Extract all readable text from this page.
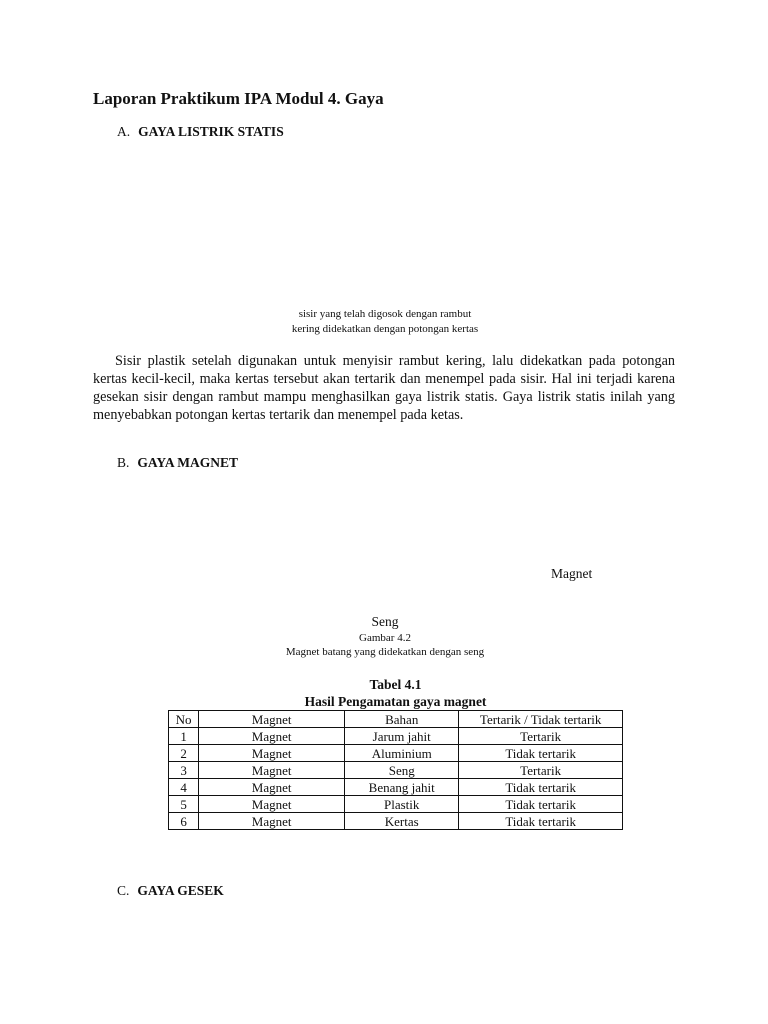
Laporan Praktikum IPA Modul 4. Gaya
A. GAYA LISTRIK STATIS
sisir yang telah digosok dengan rambut
kering didekatkan dengan potongan kertas

Sisir plastik setelah digunakan untuk menyisir rambut kering, lalu didekatkan pada potongan kertas kecil-kecil, maka kertas tersebut akan tertarik dan menempel pada sisir. Hal ini terjadi karena gesekan sisir dengan rambut mampu menghasilkan gaya listrik statis. Gaya listrik statis inilah yang menyebabkan potongan kertas tertarik dan menempel pada ketas.

B. GAYA MAGNET
Magnet
Seng
Gambar 4.2
Magnet batang yang didekatkan dengan seng
Tabel 4.1
Hasil Pengamatan gaya magnet
No	Magnet	Bahan	Tertarik / Tidak tertarik
1	Magnet	Jarum jahit	Tertarik
2	Magnet	Aluminium	Tidak tertarik
3	Magnet	Seng	Tertarik
4	Magnet	Benang jahit	Tidak tertarik
5	Magnet	Plastik	Tidak tertarik
6	Magnet	Kertas	Tidak tertarik
C. GAYA GESEK
